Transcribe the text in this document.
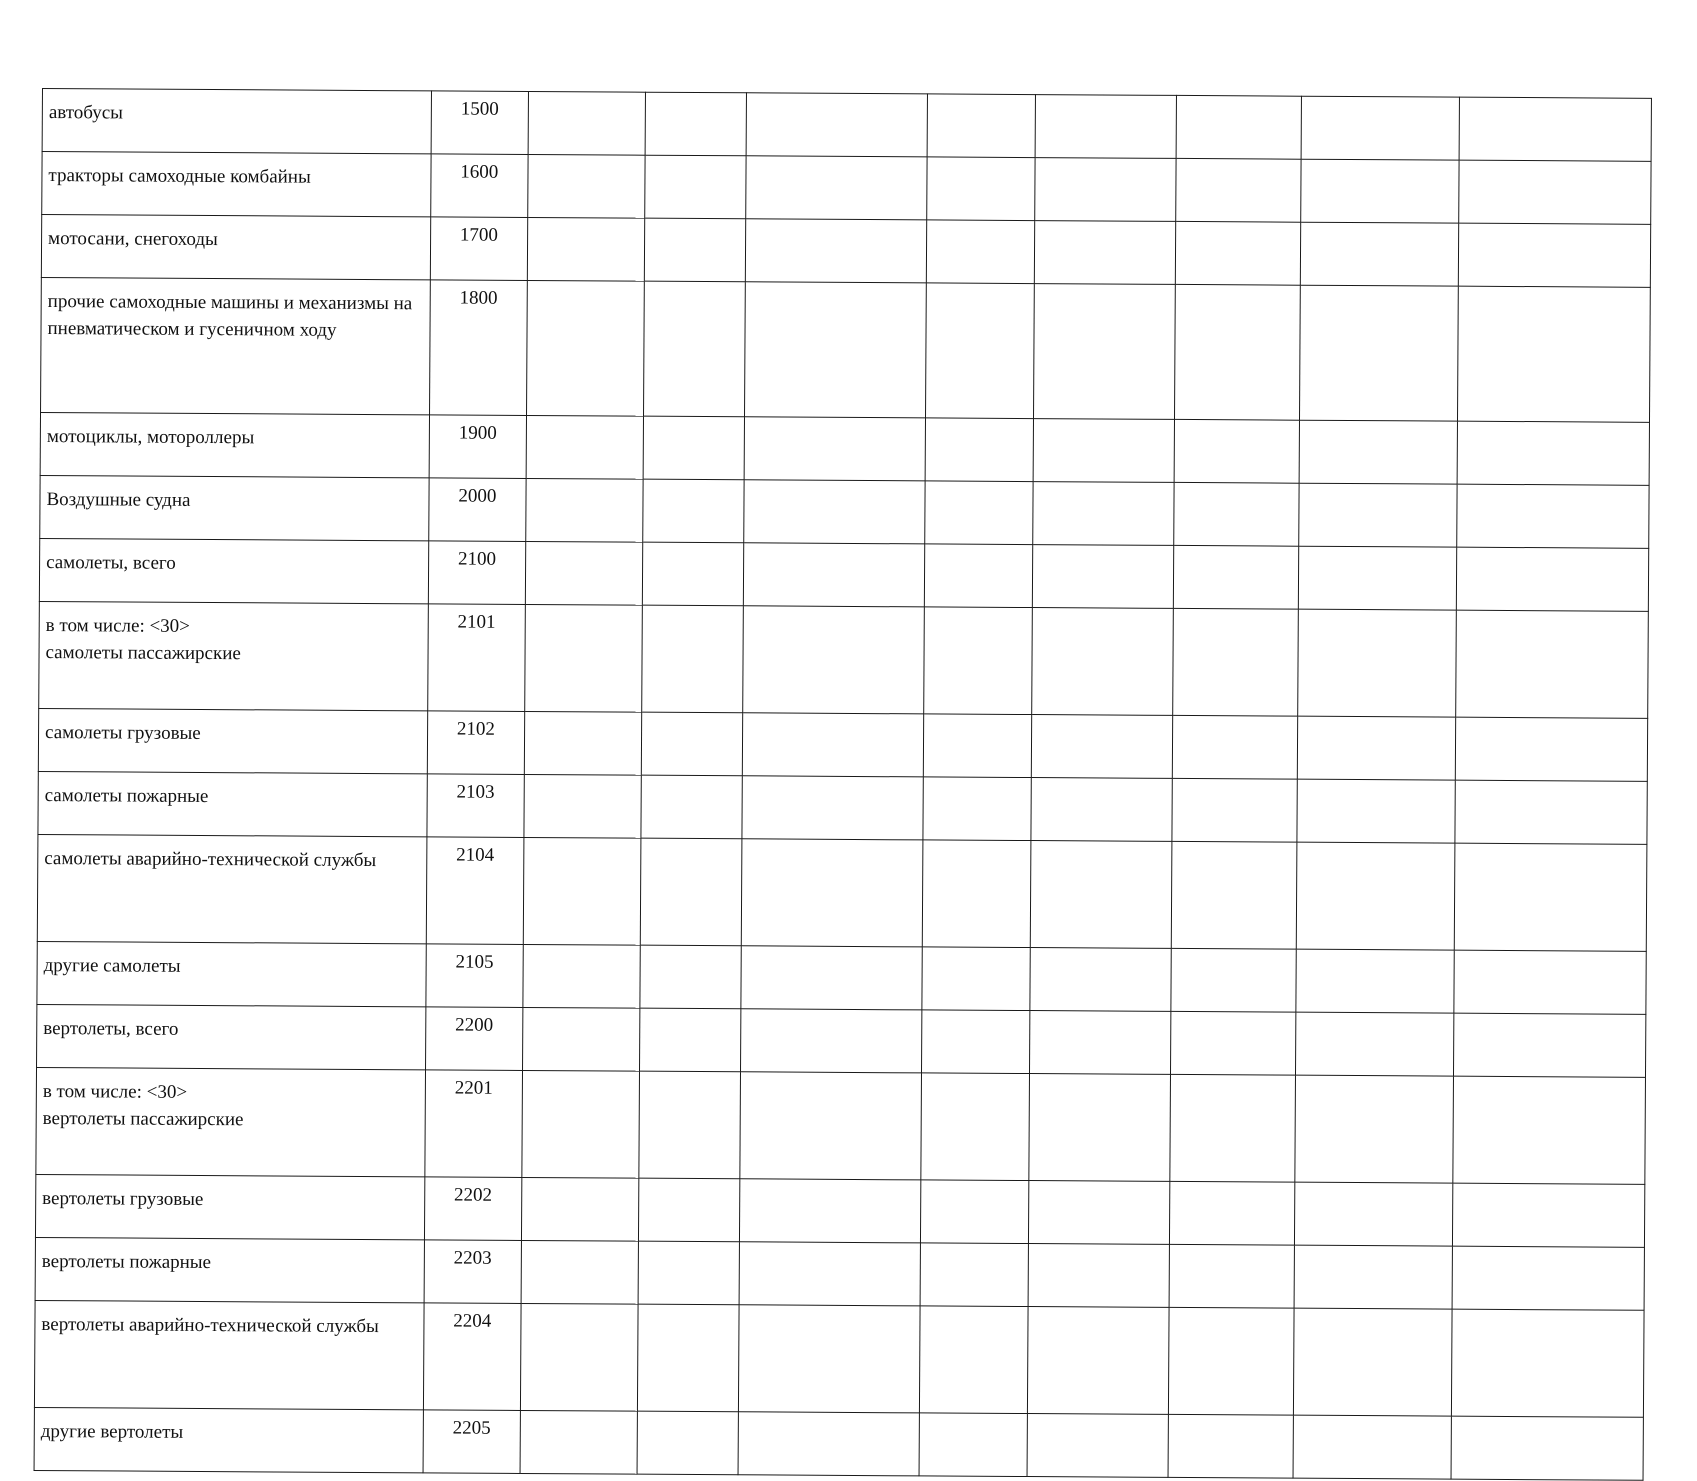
автобусы	1500								
тракторы самоходные комбайны	1600								
мотосани, снегоходы	1700								
прочие самоходные машины и механизмы на пневматическом и гусеничном ходу	1800								
мотоциклы, мотороллеры	1900								
Воздушные судна	2000								
самолеты, всего	2100								
в том числе: <30>
самолеты пассажирские	2101								
самолеты грузовые	2102								
самолеты пожарные	2103								
самолеты аварийно-технической службы	2104								
другие самолеты	2105								
вертолеты, всего	2200								
в том числе: <30>
вертолеты пассажирские	2201								
вертолеты грузовые	2202								
вертолеты пожарные	2203								
вертолеты аварийно-технической службы	2204								
другие вертолеты	2205								
